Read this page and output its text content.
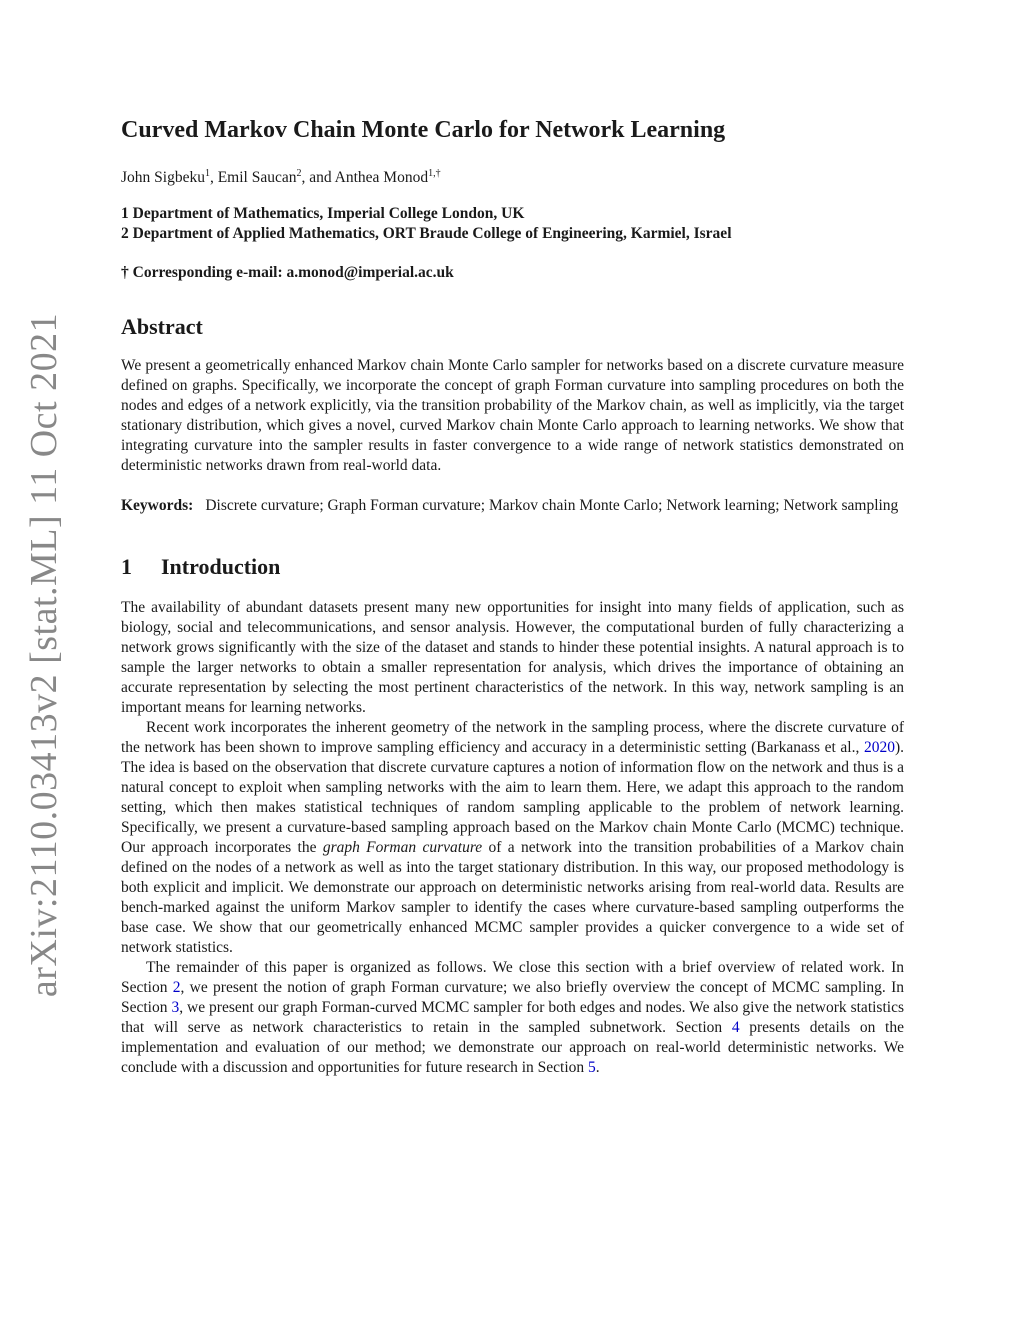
arXiv:2110.03413v2 [stat.ML] 11 Oct 2021
Curved Markov Chain Monte Carlo for Network Learning
John Sigbeku$^1$, Emil Saucan$^2$, and Anthea Monod$^{1,\dagger}$
1 Department of Mathematics, Imperial College London, UK
2 Department of Applied Mathematics, ORT Braude College of Engineering, Karmiel, Israel
† Corresponding e-mail: a.monod@imperial.ac.uk
Abstract

We present a geometrically enhanced Markov chain Monte Carlo sampler for networks based on a discrete curvature measure defined on graphs. Specifically, we incorporate the concept of graph Forman curvature into sampling procedures on both the nodes and edges of a network explicitly, via the transition probability of the Markov chain, as well as implicitly, via the target stationary distribution, which gives a novel, curved Markov chain Monte Carlo approach to learning networks. We show that integrating curvature into the sampler results in faster convergence to a wide range of network statistics demonstrated on deterministic networks drawn from real-world data.

Keywords: Discrete curvature; Graph Forman curvature; Markov chain Monte Carlo; Network learning; Network sampling

1 Introduction

The availability of abundant datasets present many new opportunities for insight into many fields of application, such as biology, social and telecommunications, and sensor analysis. However, the computational burden of fully characterizing a network grows significantly with the size of the dataset and stands to hinder these potential insights. A natural approach is to sample the larger networks to obtain a smaller representation for analysis, which drives the importance of obtaining an accurate representation by selecting the most pertinent characteristics of the network. In this way, network sampling is an important means for learning networks.

Recent work incorporates the inherent geometry of the network in the sampling process, where the discrete curvature of the network has been shown to improve sampling efficiency and accuracy in a deterministic setting (Barkanass et al., 2020). The idea is based on the observation that discrete curvature captures a notion of information flow on the network and thus is a natural concept to exploit when sampling networks with the aim to learn them. Here, we adapt this approach to the random setting, which then makes statistical techniques of random sampling applicable to the problem of network learning. Specifically, we present a curvature-based sampling approach based on the Markov chain Monte Carlo (MCMC) technique. Our approach incorporates the graph Forman curvature of a network into the transition probabilities of a Markov chain defined on the nodes of a network as well as into the target stationary distribution. In this way, our proposed methodology is both explicit and implicit. We demonstrate our approach on deterministic networks arising from real-world data. Results are bench-marked against the uniform Markov sampler to identify the cases where curvature-based sampling outperforms the base case. We show that our geometrically enhanced MCMC sampler provides a quicker convergence to a wide set of network statistics.

The remainder of this paper is organized as follows. We close this section with a brief overview of related work. In Section 2, we present the notion of graph Forman curvature; we also briefly overview the concept of MCMC sampling. In Section 3, we present our graph Forman-curved MCMC sampler for both edges and nodes. We also give the network statistics that will serve as network characteristics to retain in the sampled subnetwork. Section 4 presents details on the implementation and evaluation of our method; we demonstrate our approach on real-world deterministic networks. We conclude with a discussion and opportunities for future research in Section 5.
